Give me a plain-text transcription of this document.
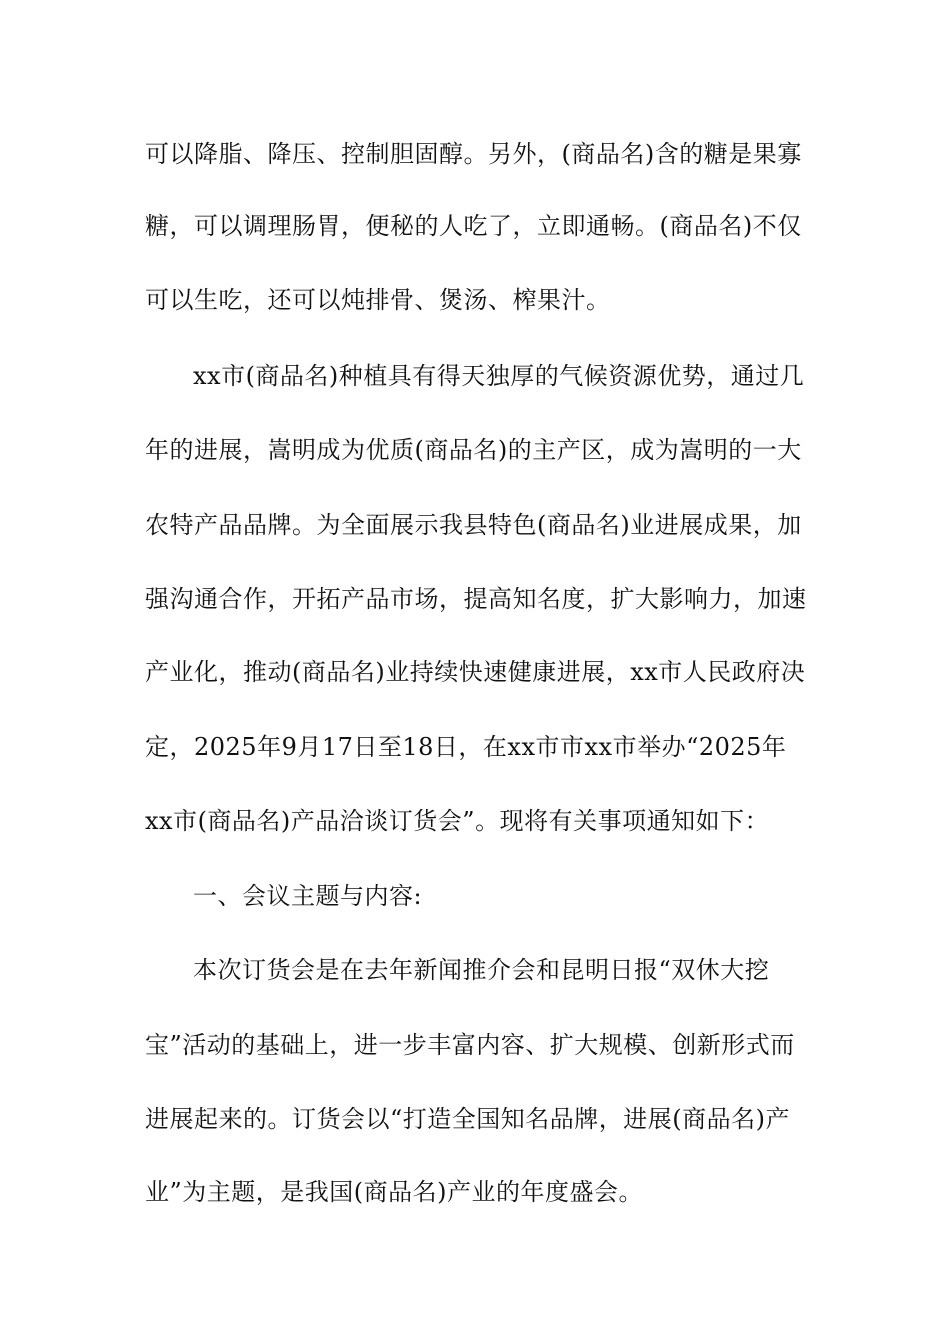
可以降脂、降压、控制胆固醇。另外，(商品名)含的糖是果寡
糖，可以调理肠胃，便秘的人吃了，立即通畅。(商品名)不仅
可以生吃，还可以炖排骨、煲汤、榨果汁。
xx市(商品名)种植具有得天独厚的气候资源优势，通过几
年的进展，嵩明成为优质(商品名)的主产区，成为嵩明的一大
农特产品品牌。为全面展示我县特色(商品名)业进展成果，加
强沟通合作，开拓产品市场，提高知名度，扩大影响力，加速
产业化，推动(商品名)业持续快速健康进展，xx市人民政府决
定，2025年9月17日至18日，在xx市市xx市举办“2025年
xx市(商品名)产品洽谈订货会”。现将有关事项通知如下：
一、会议主题与内容:
本次订货会是在去年新闻推介会和昆明日报“双休大挖
宝”活动的基础上，进一步丰富内容、扩大规模、创新形式而
进展起来的。订货会以“打造全国知名品牌，进展(商品名)产
业”为主题，是我国(商品名)产业的年度盛会。
